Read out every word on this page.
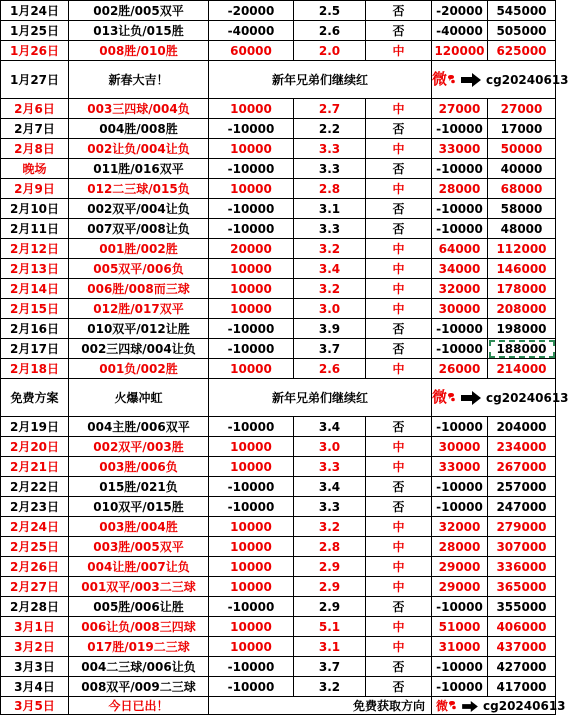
1月24日	002胜/005双平	-20000	2.5	否	-20000	545000
1月25日	013让负/015胜	-40000	2.6	否	-40000	505000
1月26日	008胜/010胜	60000	2.0	中	120000	625000
1月27日	新春大吉！	新年兄弟们继续红			微 cg20240613	
2月6日	003三四球/004负	10000	2.7	中	27000	27000
2月7日	004胜/008胜	-10000	2.2	否	-10000	17000
2月8日	002让负/004让负	10000	3.3	中	33000	50000
晚场	011胜/016双平	-10000	3.3	否	-10000	40000
2月9日	012二三球/015负	10000	2.8	中	28000	68000
2月10日	002双平/004让负	-10000	3.1	否	-10000	58000
2月11日	007双平/008让负	-10000	3.3	否	-10000	48000
2月12日	001胜/002胜	20000	3.2	中	64000	112000
2月13日	005双平/006负	10000	3.4	中	34000	146000
2月14日	006胜/008而三球	10000	3.2	中	32000	178000
2月15日	012胜/017双平	10000	3.0	中	30000	208000
2月16日	010双平/012让胜	-10000	3.9	否	-10000	198000
2月17日	002三四球/004让负	-10000	3.7	否	-10000	188000
2月18日	001负/002胜	10000	2.6	中	26000	214000
免费方案	火爆冲虹	新年兄弟们继续红			微 cg20240613	
2月19日	004主胜/006双平	-10000	3.4	否	-10000	204000
2月20日	002双平/003胜	10000	3.0	中	30000	234000
2月21日	003胜/006负	10000	3.3	中	33000	267000
2月22日	015胜/021负	-10000	3.4	否	-10000	257000
2月23日	010双平/015胜	-10000	3.3	否	-10000	247000
2月24日	003胜/004胜	10000	3.2	中	32000	279000
2月25日	003胜/005双平	10000	2.8	中	28000	307000
2月26日	004让胜/007让负	10000	2.9	中	29000	336000
2月27日	001双平/003二三球	10000	2.9	中	29000	365000
2月28日	005胜/006让胜	-10000	2.9	否	-10000	355000
3月1日	006让负/008三四球	10000	5.1	中	51000	406000
3月2日	017胜/019二三球	10000	3.1	中	31000	437000
3月3日	004二三球/006让负	-10000	3.7	否	-10000	427000
3月4日	008双平/009二三球	-10000	3.2	否	-10000	417000
3月5日	今日已出！	免费获取方向			微 cg20240613	
